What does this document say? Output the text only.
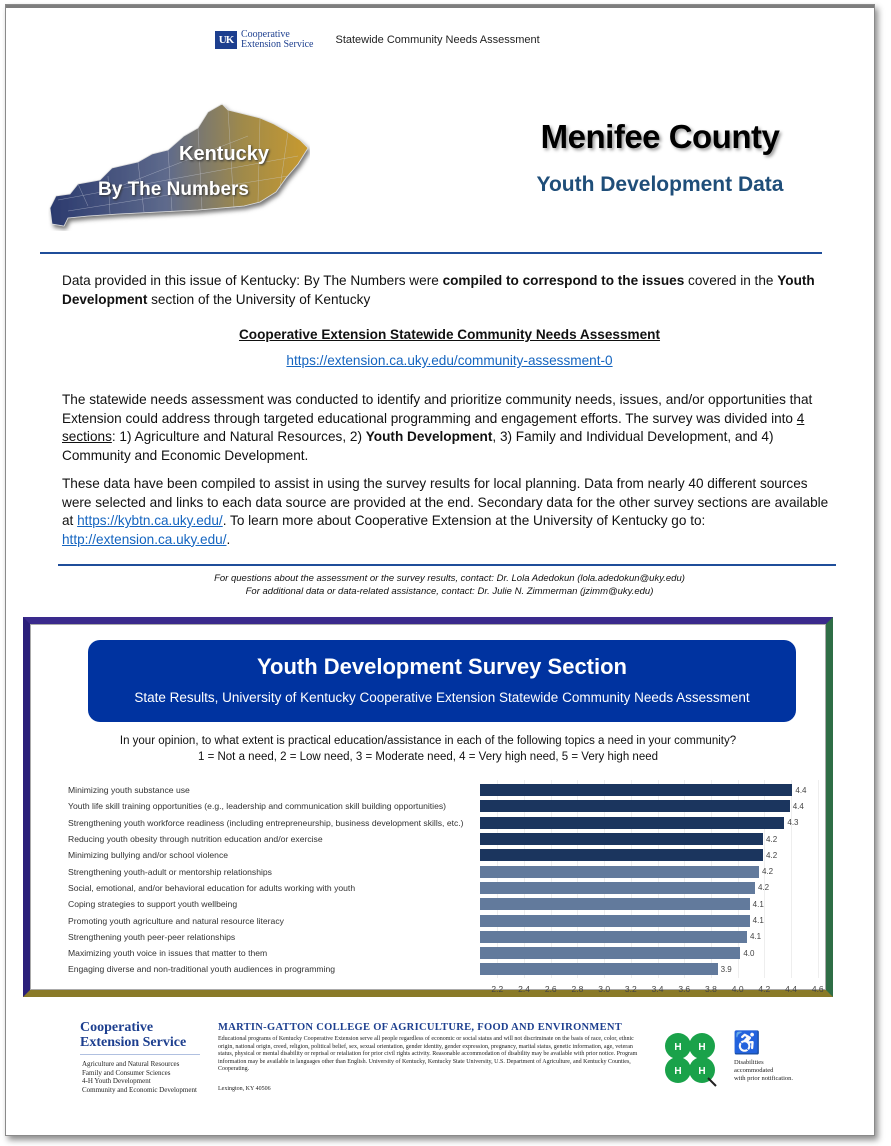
UK Cooperative
Extension Service Statewide Community Needs Assessment
Kentucky
By The Numbers
Menifee County
Youth Development Data
Data provided in this issue of Kentucky: By The Numbers were compiled to correspond to the issues covered in the Youth Development section of the University of Kentucky
Cooperative Extension Statewide Community Needs Assessment
https://extension.ca.uky.edu/community-assessment-0
The statewide needs assessment was conducted to identify and prioritize community needs, issues, and/or opportunities that Extension could address through targeted educational programming and engagement efforts. The survey was divided into 4 sections: 1) Agriculture and Natural Resources, 2) Youth Development, 3) Family and Individual Development, and 4) Community and Economic Development.
These data have been compiled to assist in using the survey results for local planning. Data from nearly 40 different sources were selected and links to each data source are provided at the end. Secondary data for the other survey sections are available at https://kybtn.ca.uky.edu/. To learn more about Cooperative Extension at the University of Kentucky go to: http://extension.ca.uky.edu/.
For questions about the assessment or the survey results, contact: Dr. Lola Adedokun (lola.adedokun@uky.edu)
For additional data or data-related assistance, contact: Dr. Julie N. Zimmerman (jzimm@uky.edu)
Youth Development Survey Section
State Results, University of Kentucky Cooperative Extension Statewide Community Needs Assessment
In your opinion, to what extent is practical education/assistance in each of the following topics a need in your community?
1 = Not a need, 2 = Low need, 3 = Moderate need, 4 = Very high need, 5 = Very high need
2.2 2.4 2.6 2.8 3.0 3.2 3.4 3.6 3.8 4.0 4.2 4.4 4.6
Minimizing youth substance use	4.4
Youth life skill training opportunities (e.g., leadership and communication skill building opportunities)	4.4
Strengthening youth workforce readiness (including entrepreneurship, business development skills, etc.)	4.3
Reducing youth obesity through nutrition education and/or exercise	4.2
Minimizing bullying and/or school violence	4.2
Strengthening youth-adult or mentorship relationships	4.2
Social, emotional, and/or behavioral education for adults working with youth	4.2
Coping strategies to support youth wellbeing	4.1
Promoting youth agriculture and natural resource literacy	4.1
Strengthening youth peer-peer relationships	4.1
Maximizing youth voice in issues that matter to them	4.0
Engaging diverse and non-traditional youth audiences in programming	3.9
Cooperative
Extension Service
Agriculture and Natural Resources
Family and Consumer Sciences
4-H Youth Development
Community and Economic Development
MARTIN-GATTON COLLEGE OF AGRICULTURE, FOOD AND ENVIRONMENT
Educational programs of Kentucky Cooperative Extension serve all people regardless of economic or social status and will not discriminate on the basis of race, color, ethnic origin, national origin, creed, religion, political belief, sex, sexual orientation, gender identity, gender expression, pregnancy, marital status, genetic information, age, veteran status, physical or mental disability or reprisal or retaliation for prior civil rights activity. Reasonable accommodation of disability may be available with prior notice. Program information may be available in languages other than English. University of Kentucky, Kentucky State University, U.S. Department of Agriculture, and Kentucky Counties, Cooperating.
Lexington, KY 40506
H H
H H
♿
Disabilities
accommodated
with prior notification.
